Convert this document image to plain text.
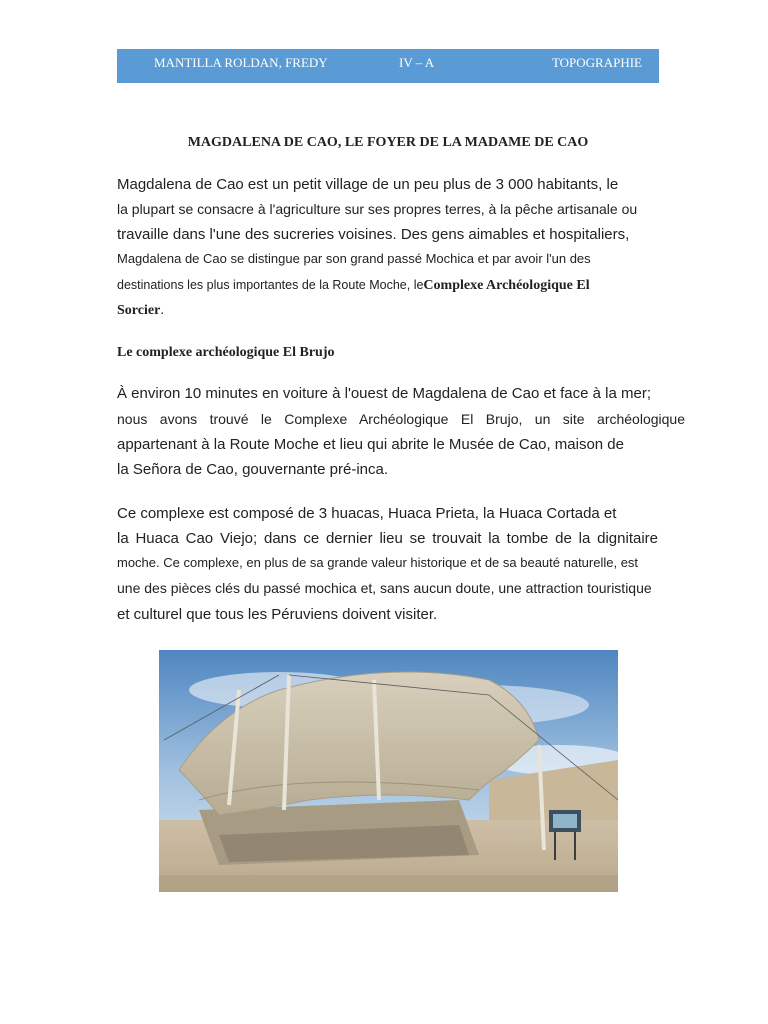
MANTILLA ROLDAN, FREDY	IV – A	TOPOGRAPHIE
MAGDALENA DE CAO, LE FOYER DE LA MADAME DE CAO
Magdalena de Cao est un petit village de un peu plus de 3 000 habitants, le
la plupart se consacre à l'agriculture sur ses propres terres, à la pêche artisanale ou
travaille dans l'une des sucreries voisines. Des gens aimables et hospitaliers,
Magdalena de Cao se distingue par son grand passé Mochica et par avoir l'un des
destinations les plus importantes de la Route Moche, leComplexe Archéologique El
Sorcier.
Le complexe archéologique El Brujo
À environ 10 minutes en voiture à l'ouest de Magdalena de Cao et face à la mer;
nous avons trouvé le Complexe Archéologique El Brujo, un site archéologique
appartenant à la Route Moche et lieu qui abrite le Musée de Cao, maison de
la Señora de Cao, gouvernante pré-inca.
Ce complexe est composé de 3 huacas, Huaca Prieta, la Huaca Cortada et
la Huaca Cao Viejo; dans ce dernier lieu se trouvait la tombe de la dignitaire
moche. Ce complexe, en plus de sa grande valeur historique et de sa beauté naturelle, est
une des pièces clés du passé mochica et, sans aucun doute, une attraction touristique
et culturel que tous les Péruviens doivent visiter.
